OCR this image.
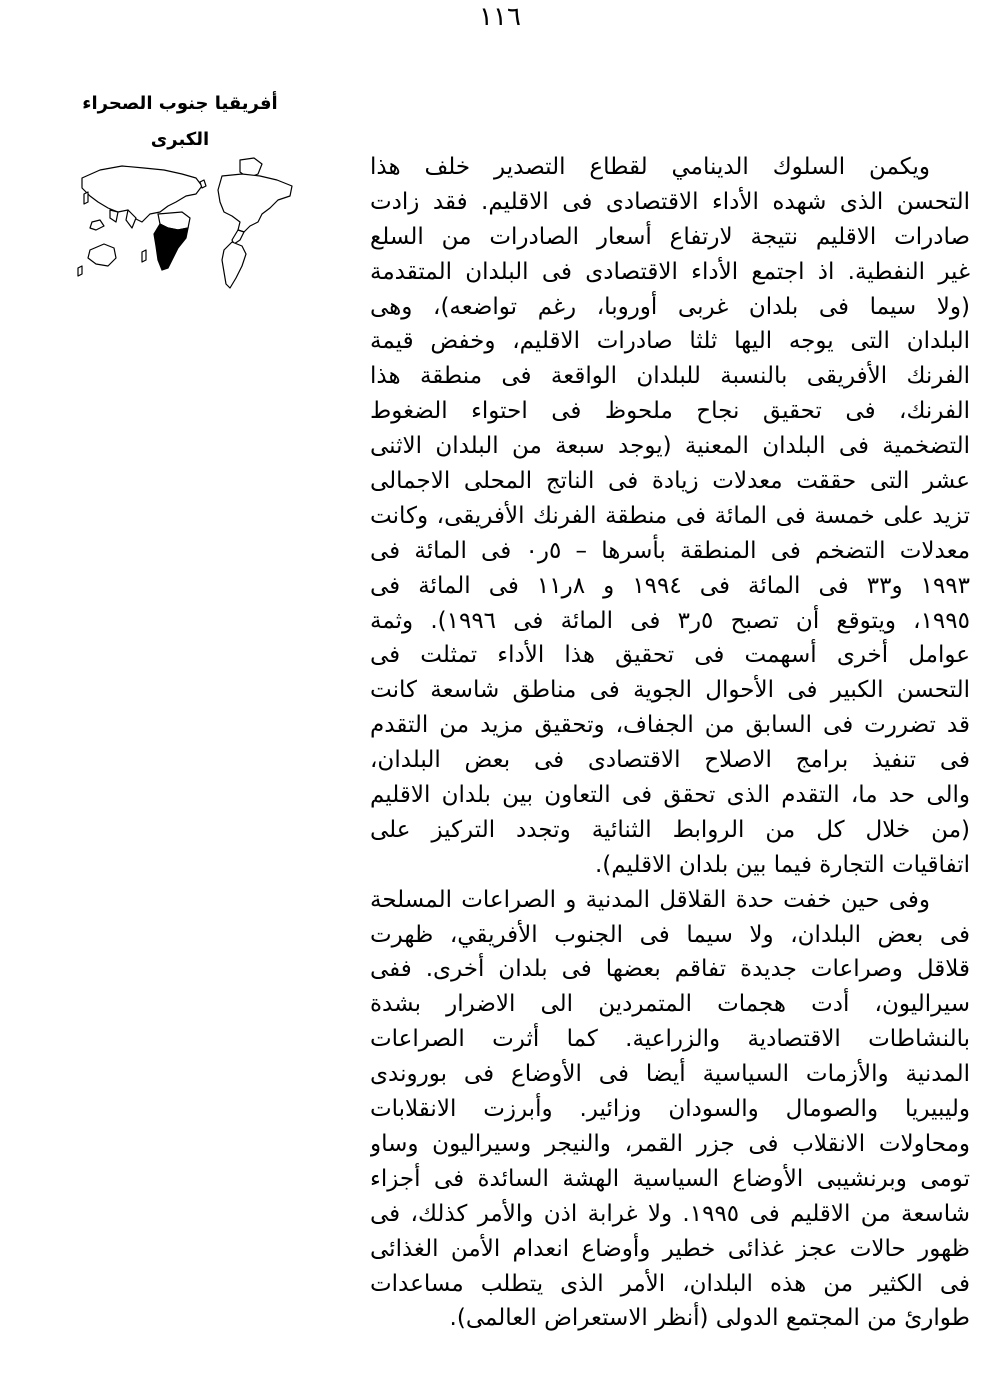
١١٦
أفريقيا جنوب الصحراء
الكبرى
ويكمن السلوك الدينامي لقطاع التصدير خلف هذا
التحسن الذى شهده الأداء الاقتصادى فى الاقليم. فقد زادت
صادرات الاقليم نتيجة لارتفاع أسعار الصادرات من السلع
غير النفطية. اذ اجتمع الأداء الاقتصادى فى البلدان المتقدمة
(ولا سيما فى بلدان غربى أوروبا، رغم تواضعه)، وهى
البلدان التى يوجه اليها ثلثا صادرات الاقليم، وخفض قيمة
الفرنك الأفريقى بالنسبة للبلدان الواقعة فى منطقة هذا
الفرنك، فى تحقيق نجاح ملحوظ فى احتواء الضغوط
التضخمية فى البلدان المعنية (يوجد سبعة من البلدان الاثنى
عشر التى حققت معدلات زيادة فى الناتج المحلى الاجمالى
تزيد على خمسة فى المائة فى منطقة الفرنك الأفريقى، وكانت
معدلات التضخم فى المنطقة بأسرها – ٥ر٠ فى المائة فى
١٩٩٣ و٣٣ فى المائة فى ١٩٩٤ و ٨ر١١ فى المائة فى
١٩٩٥، ويتوقع أن تصبح ٥ر٣ فى المائة فى ١٩٩٦). وثمة
عوامل أخرى أسهمت فى تحقيق هذا الأداء تمثلت فى
التحسن الكبير فى الأحوال الجوية فى مناطق شاسعة كانت
قد تضررت فى السابق من الجفاف، وتحقيق مزيد من التقدم
فى تنفيذ برامج الاصلاح الاقتصادى فى بعض البلدان،
والى حد ما، التقدم الذى تحقق فى التعاون بين بلدان الاقليم
(من خلال كل من الروابط الثنائية وتجدد التركيز على
اتفاقيات التجارة فيما بين بلدان الاقليم).
وفى حين خفت حدة القلاقل المدنية و الصراعات المسلحة
فى بعض البلدان، ولا سيما فى الجنوب الأفريقي، ظهرت
قلاقل وصراعات جديدة تفاقم بعضها فى بلدان أخرى. ففى
سيراليون، أدت هجمات المتمردين الى الاضرار بشدة
بالنشاطات الاقتصادية والزراعية. كما أثرت الصراعات
المدنية والأزمات السياسية أيضا فى الأوضاع فى بوروندى
وليبيريا والصومال والسودان وزائير. وأبرزت الانقلابات
ومحاولات الانقلاب فى جزر القمر، والنيجر وسيراليون وساو
تومى وبرنشيبى الأوضاع السياسية الهشة السائدة فى أجزاء
شاسعة من الاقليم فى ١٩٩٥. ولا غرابة اذن والأمر كذلك، فى
ظهور حالات عجز غذائى خطير وأوضاع انعدام الأمن الغذائى
فى الكثير من هذه البلدان، الأمر الذى يتطلب مساعدات
طوارئ من المجتمع الدولى (أنظر الاستعراض العالمى).
